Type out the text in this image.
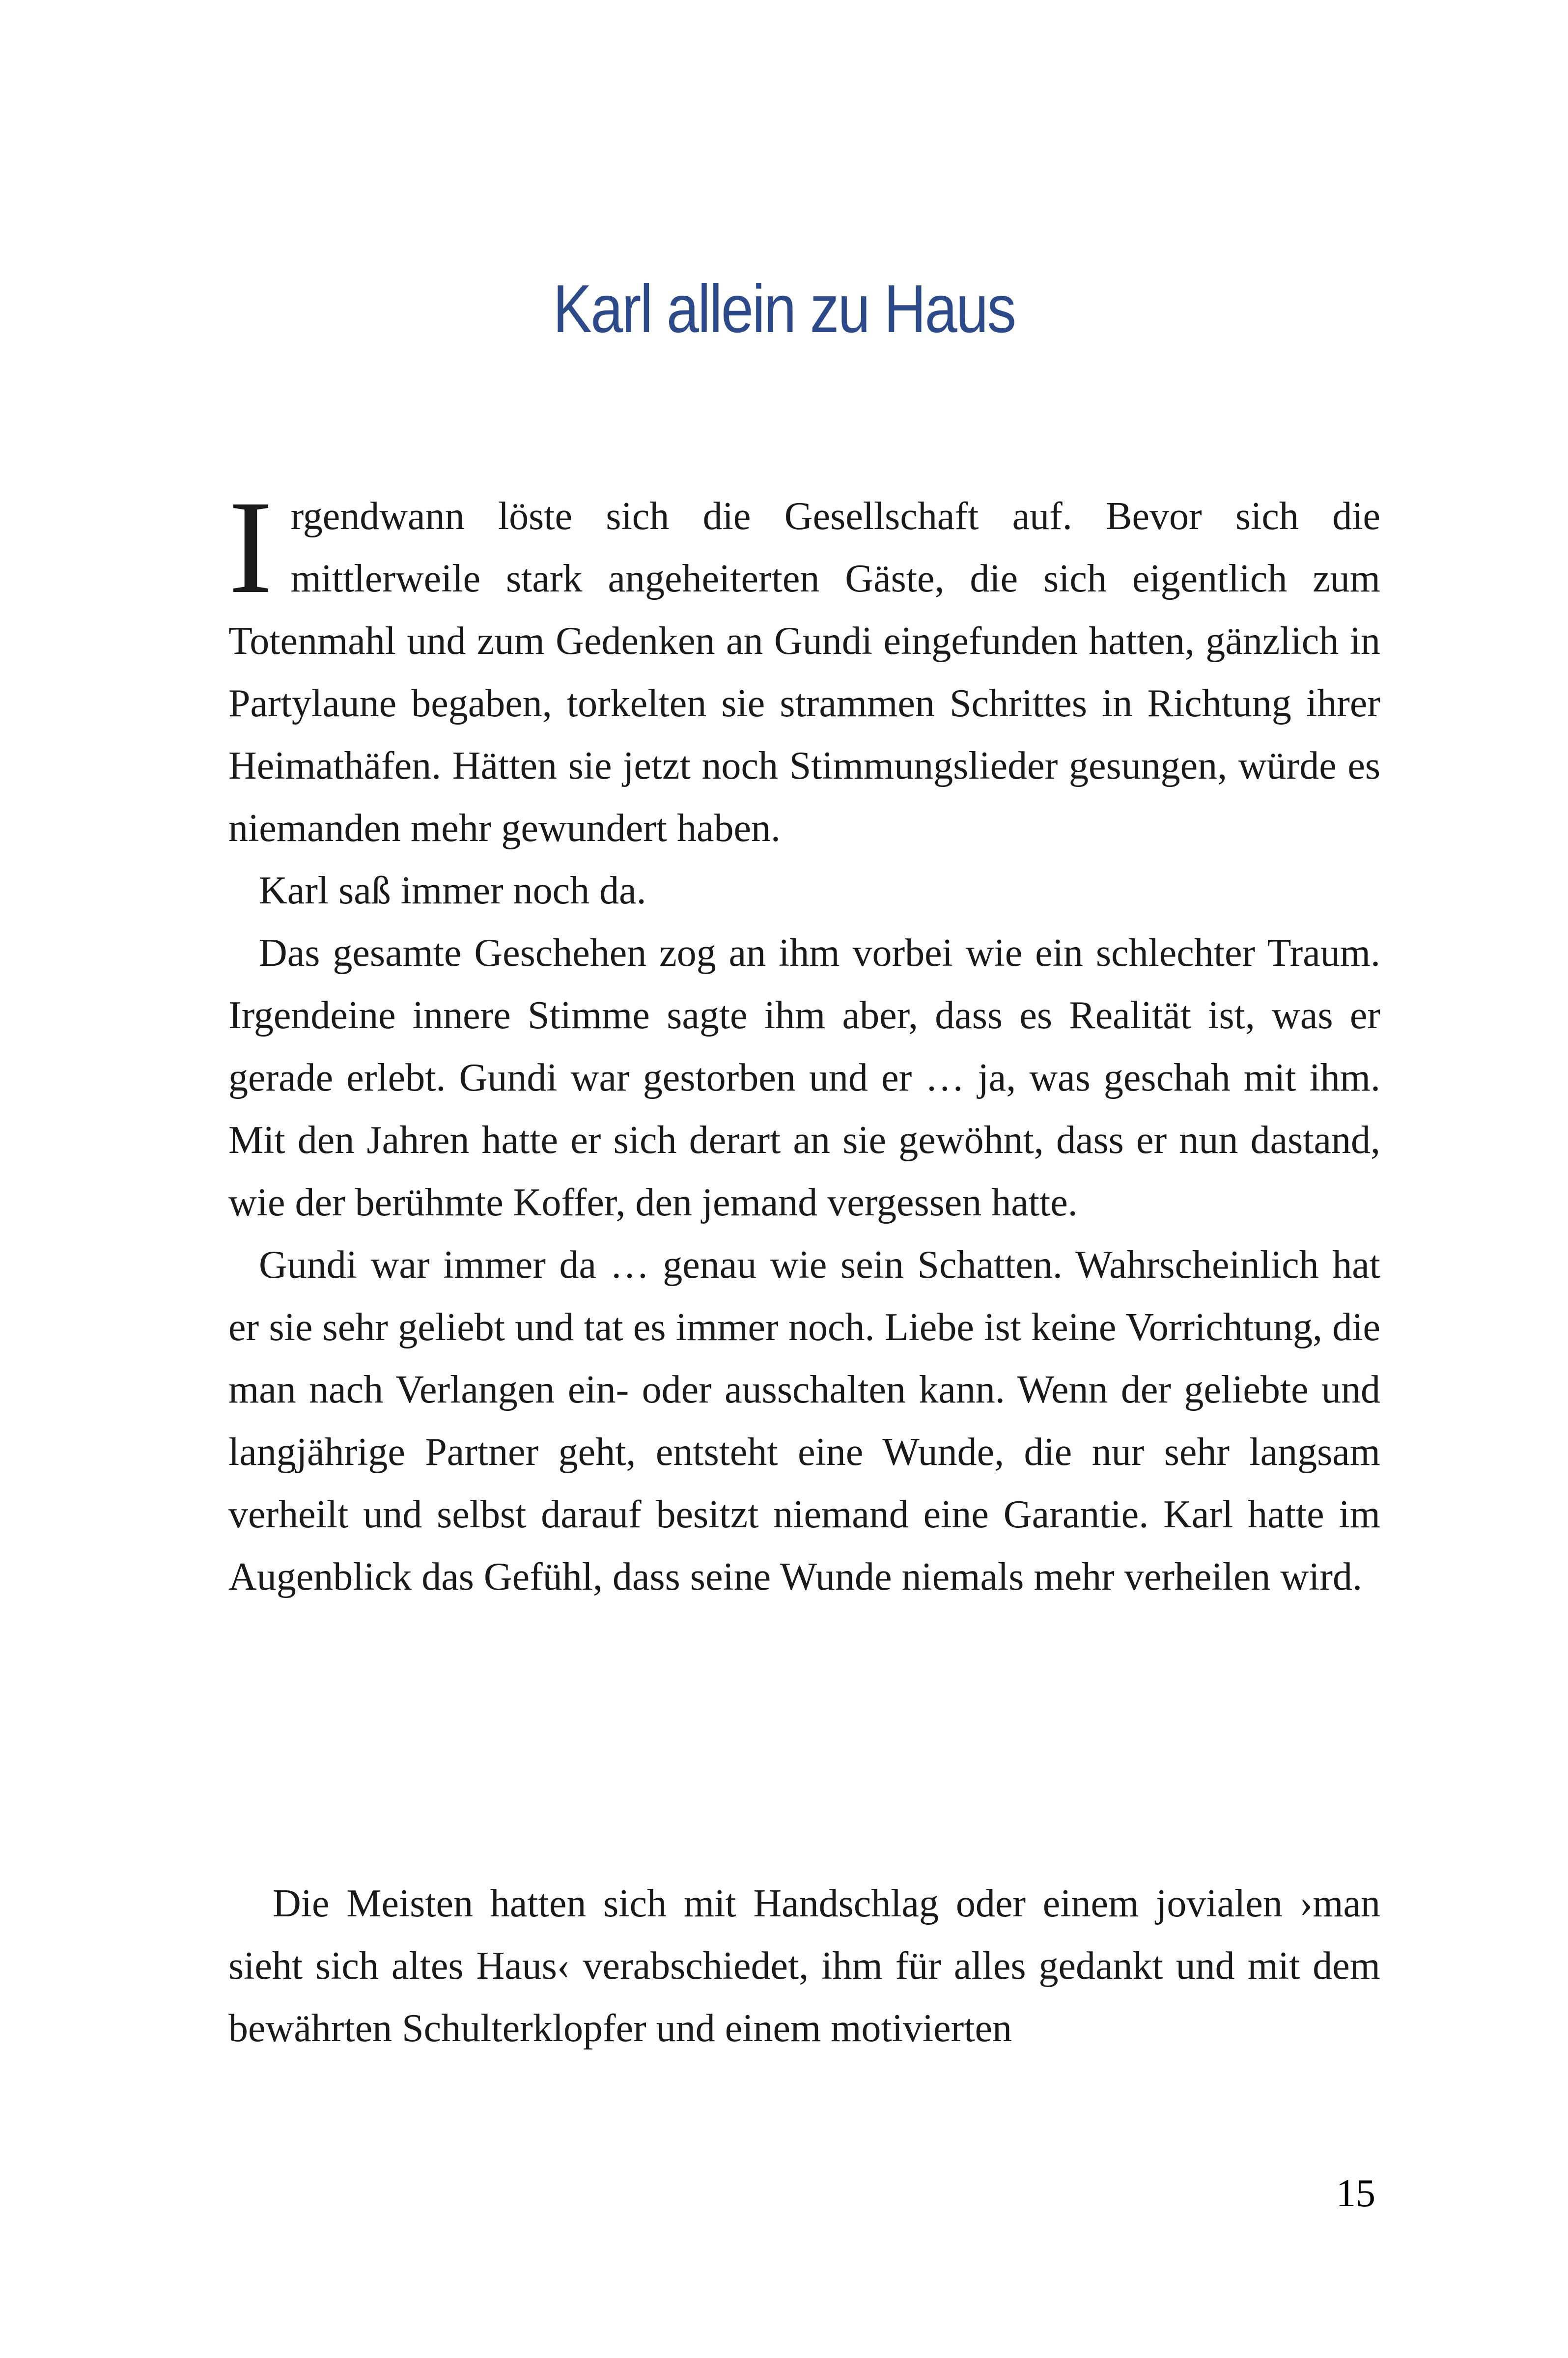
Karl allein zu Haus

Irgendwann löste sich die Gesellschaft auf. Bevor sich die mittlerweile stark angeheiterten Gäste, die sich eigentlich zum Totenmahl und zum Gedenken an Gundi eingefunden hatten, gänzlich in Partylaune begaben, torkelten sie strammen Schrittes in Richtung ihrer Heimathäfen. Hätten sie jetzt noch Stimmungslieder gesungen, würde es niemanden mehr gewundert haben.

Karl saß immer noch da.

Das gesamte Geschehen zog an ihm vorbei wie ein schlechter Traum. Irgendeine innere Stimme sagte ihm aber, dass es Realität ist, was er gerade erlebt. Gundi war gestorben und er … ja, was geschah mit ihm. Mit den Jahren hatte er sich derart an sie gewöhnt, dass er nun dastand, wie der berühmte Koffer, den jemand vergessen hatte.

Gundi war immer da … genau wie sein Schatten. Wahrscheinlich hat er sie sehr geliebt und tat es immer noch. Liebe ist keine Vorrichtung, die man nach Verlangen ein- oder ausschalten kann. Wenn der geliebte und langjährige Partner geht, entsteht eine Wunde, die nur sehr langsam verheilt und selbst darauf besitzt niemand eine Garantie. Karl hatte im Augenblick das Gefühl, dass seine Wunde niemals mehr verheilen wird.

Die Meisten hatten sich mit Handschlag oder einem jovialen ›man sieht sich altes Haus‹ verabschiedet, ihm für alles gedankt und mit dem bewährten Schulterklopfer und einem motivierten

15
